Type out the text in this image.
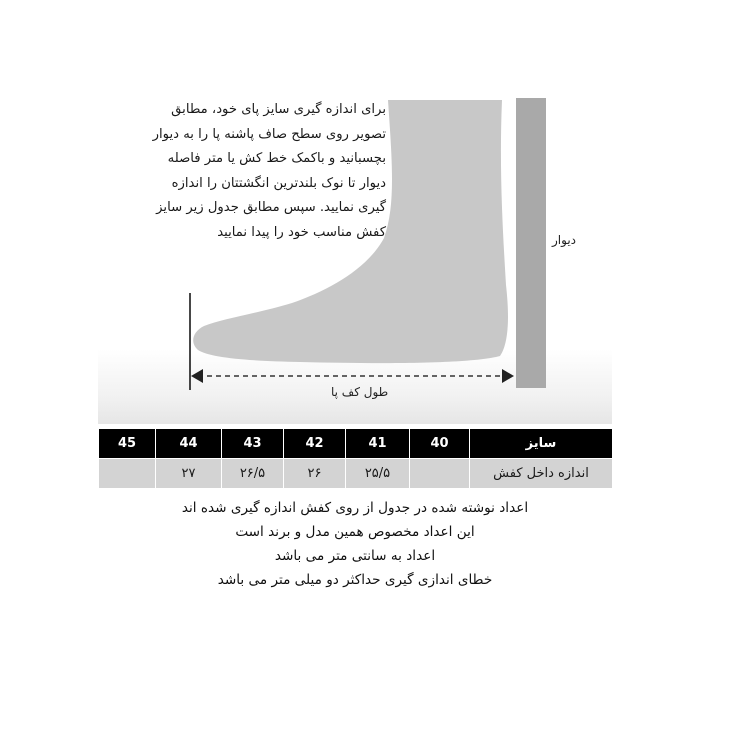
برای اندازه گیری سایز پای خود، مطابق
تصویر روی سطح صاف پاشنه پا را به دیوار
بچسبانید و باکمک خط کش یا متر فاصله
دیوار تا نوک بلندترین انگشتتان را اندازه
گیری نمایید. سپس مطابق جدول زیر سایز
کفش مناسب خود را پیدا نمایید
دیوار
طول کف پا
45	44	43	42	41	40	سایز
	۲۷	۲۶/۵	۲۶	۲۵/۵		اندازه داخل کفش
اعداد نوشته شده در جدول از روی کفش اندازه گیری شده اند
این اعداد مخصوص همین مدل و برند است
اعداد به سانتی متر می باشد
خطای اندازی گیری حداکثر دو میلی متر می باشد
